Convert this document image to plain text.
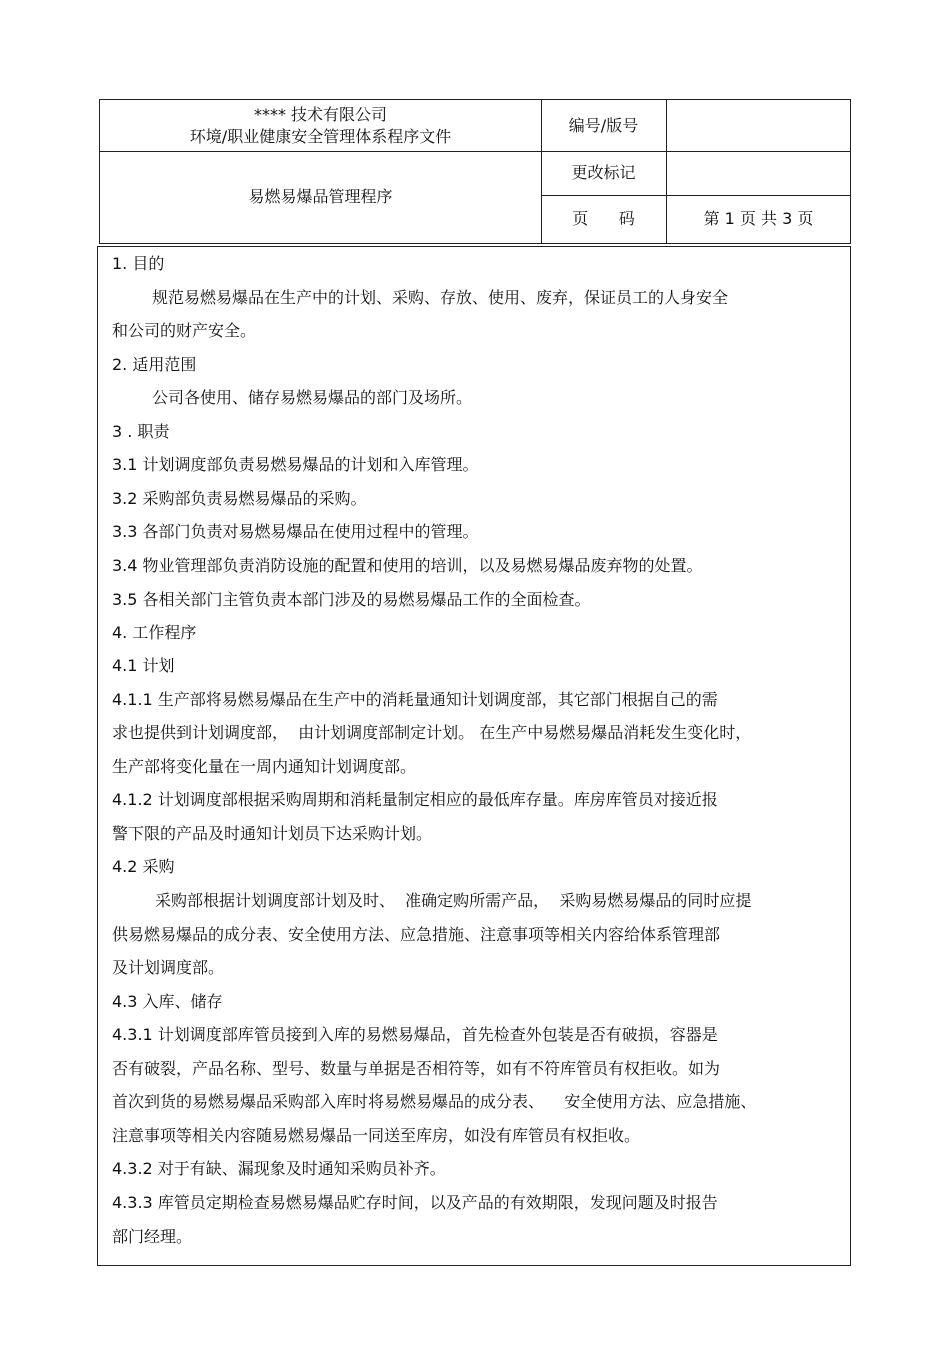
**** 技术有限公司
环境/职业健康安全管理体系程序文件
编号/版号
易燃易爆品管理程序
更改标记
页      码	第 1 页 共 3 页
1. 目的
规范易燃易爆品在生产中的计划、采购、存放、使用、废弃，保证员工的人身安全
和公司的财产安全。
2. 适用范围
公司各使用、储存易燃易爆品的部门及场所。
3 . 职责
3.1 计划调度部负责易燃易爆品的计划和入库管理。
3.2 采购部负责易燃易爆品的采购。
3.3 各部门负责对易燃易爆品在使用过程中的管理。
3.4 物业管理部负责消防设施的配置和使用的培训，以及易燃易爆品废弃物的处置。
3.5 各相关部门主管负责本部门涉及的易燃易爆品工作的全面检查。
4. 工作程序
4.1 计划
4.1.1 生产部将易燃易爆品在生产中的消耗量通知计划调度部，其它部门根据自己的需
求也提供到计划调度部，  由计划调度部制定计划。 在生产中易燃易爆品消耗发生变化时，
生产部将变化量在一周内通知计划调度部。
4.1.2 计划调度部根据采购周期和消耗量制定相应的最低库存量。库房库管员对接近报
警下限的产品及时通知计划员下达采购计划。
4.2 采购
采购部根据计划调度部计划及时、  准确定购所需产品，  采购易燃易爆品的同时应提
供易燃易爆品的成分表、安全使用方法、应急措施、注意事项等相关内容给体系管理部
及计划调度部。
4.3 入库、储存
4.3.1 计划调度部库管员接到入库的易燃易爆品，首先检查外包装是否有破损，容器是
否有破裂，产品名称、型号、数量与单据是否相符等，如有不符库管员有权拒收。如为
首次到货的易燃易爆品采购部入库时将易燃易爆品的成分表、    安全使用方法、应急措施、
注意事项等相关内容随易燃易爆品一同送至库房，如没有库管员有权拒收。
4.3.2 对于有缺、漏现象及时通知采购员补齐。
4.3.3 库管员定期检查易燃易爆品贮存时间，以及产品的有效期限，发现问题及时报告
部门经理。
